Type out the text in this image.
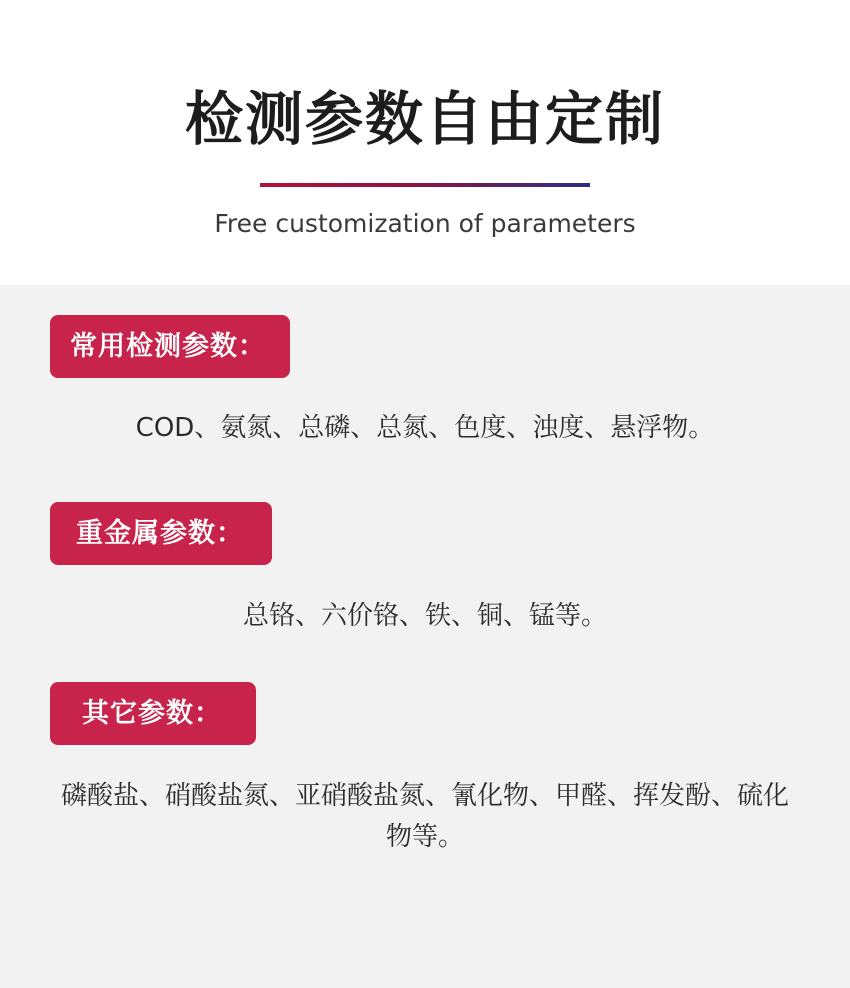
检测参数自由定制
Free customization of parameters
常用检测参数：
COD、氨氮、总磷、总氮、色度、浊度、悬浮物。
重金属参数：
总铬、六价铬、铁、铜、锰等。
其它参数：
磷酸盐、硝酸盐氮、亚硝酸盐氮、氰化物、甲醛、挥发酚、硫化物等。
